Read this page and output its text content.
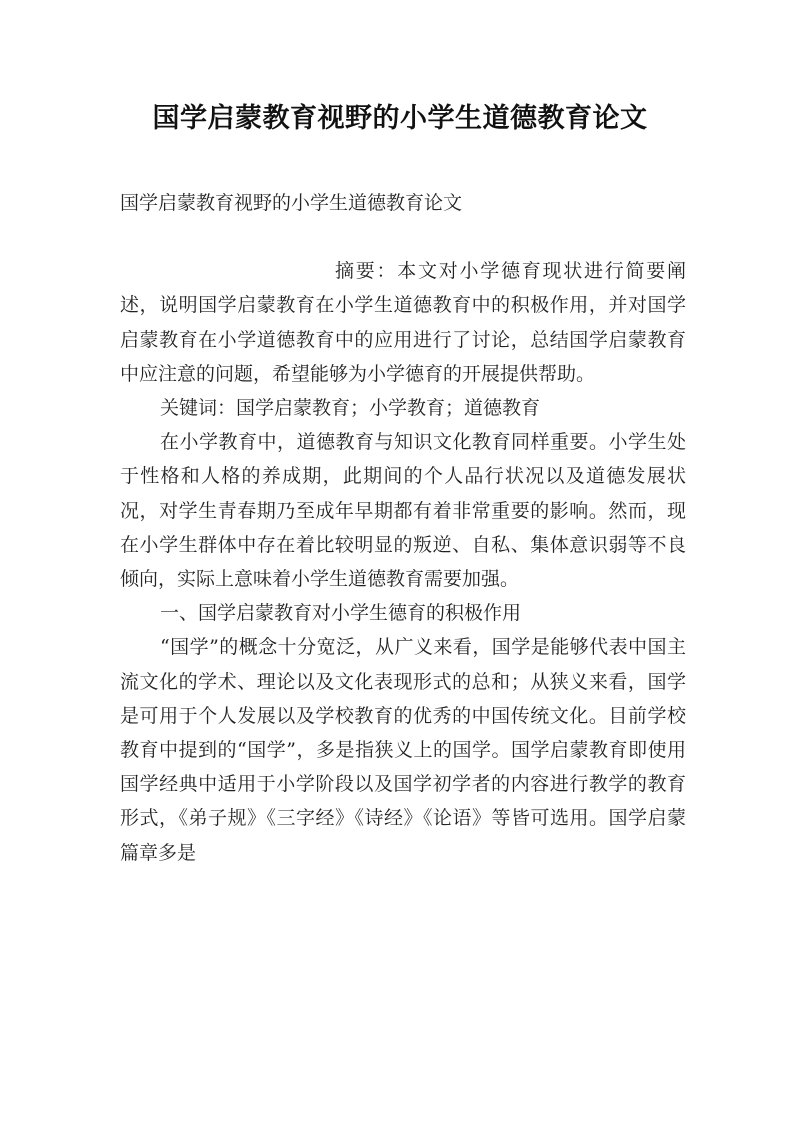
国学启蒙教育视野的小学生道德教育论文

国学启蒙教育视野的小学生道德教育论文

摘要：本文对小学德育现状进行简要阐述，说明国学启蒙教育在小学生道德教育中的积极作用，并对国学启蒙教育在小学道德教育中的应用进行了讨论，总结国学启蒙教育中应注意的问题，希望能够为小学德育的开展提供帮助。

关键词：国学启蒙教育；小学教育；道德教育

在小学教育中，道德教育与知识文化教育同样重要。小学生处于性格和人格的养成期，此期间的个人品行状况以及道德发展状况，对学生青春期乃至成年早期都有着非常重要的影响。然而，现在小学生群体中存在着比较明显的叛逆、自私、集体意识弱等不良倾向，实际上意味着小学生道德教育需要加强。

一、国学启蒙教育对小学生德育的积极作用

“国学”的概念十分宽泛，从广义来看，国学是能够代表中国主流文化的学术、理论以及文化表现形式的总和；从狭义来看，国学是可用于个人发展以及学校教育的优秀的中国传统文化。目前学校教育中提到的“国学”，多是指狭义上的国学。国学启蒙教育即使用国学经典中适用于小学阶段以及国学初学者的内容进行教学的教育形式，《弟子规》《三字经》《诗经》《论语》等皆可选用。国学启蒙篇章多是
